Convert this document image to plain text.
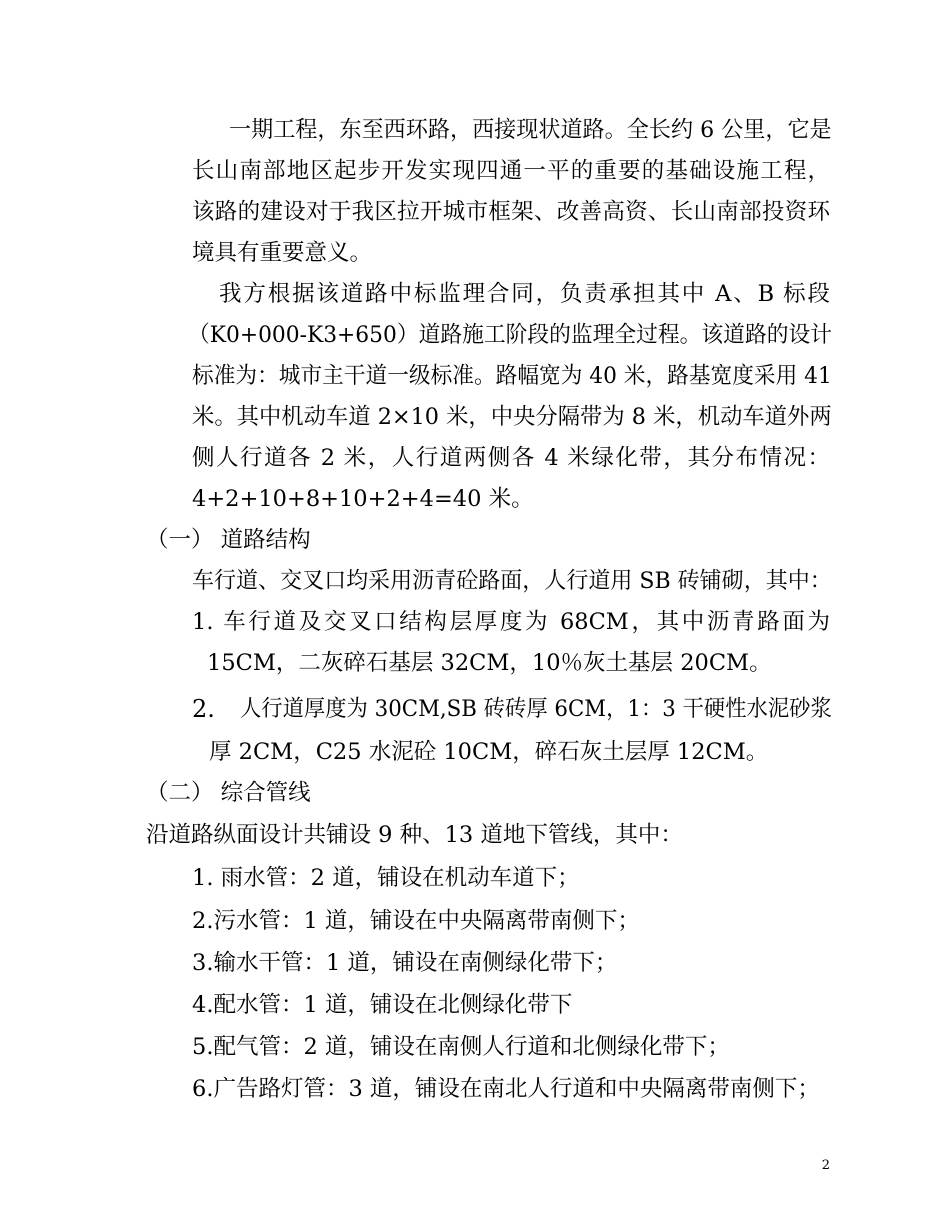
一期工程，东至西环路，西接现状道路。全长约 6 公里，它是

长山南部地区起步开发实现四通一平的重要的基础设施工程，

该路的建设对于我区拉开城市框架、改善高资、长山南部投资环

境具有重要意义。

我方根据该道路中标监理合同，负责承担其中 A、B 标段

（K0+000-K3+650）道路施工阶段的监理全过程。该道路的设计

标准为：城市主干道一级标准。路幅宽为 40 米，路基宽度采用 41

米。其中机动车道 2×10 米，中央分隔带为 8 米，机动车道外两

侧人行道各 2 米，人行道两侧各 4 米绿化带，其分布情况：

4+2+10+8+10+2+4=40 米。

（一） 道路结构

车行道、交叉口均采用沥青砼路面，人行道用 SB 砖铺砌，其中：

1. 车行道及交叉口结构层厚度为 68CM，其中沥青路面为

15CM，二灰碎石基层 32CM，10％灰土基层 20CM。

2. 人行道厚度为 30CM,SB 砖砖厚 6CM，1：3 干硬性水泥砂浆

厚 2CM，C25 水泥砼 10CM，碎石灰土层厚 12CM。

（二） 综合管线

沿道路纵面设计共铺设 9 种、13 道地下管线，其中：

1. 雨水管：2 道，铺设在机动车道下；

2.污水管：1 道，铺设在中央隔离带南侧下；

3.输水干管：1 道，铺设在南侧绿化带下；

4.配水管：1 道，铺设在北侧绿化带下

5.配气管：2 道，铺设在南侧人行道和北侧绿化带下；

6.广告路灯管：3 道，铺设在南北人行道和中央隔离带南侧下；

2
